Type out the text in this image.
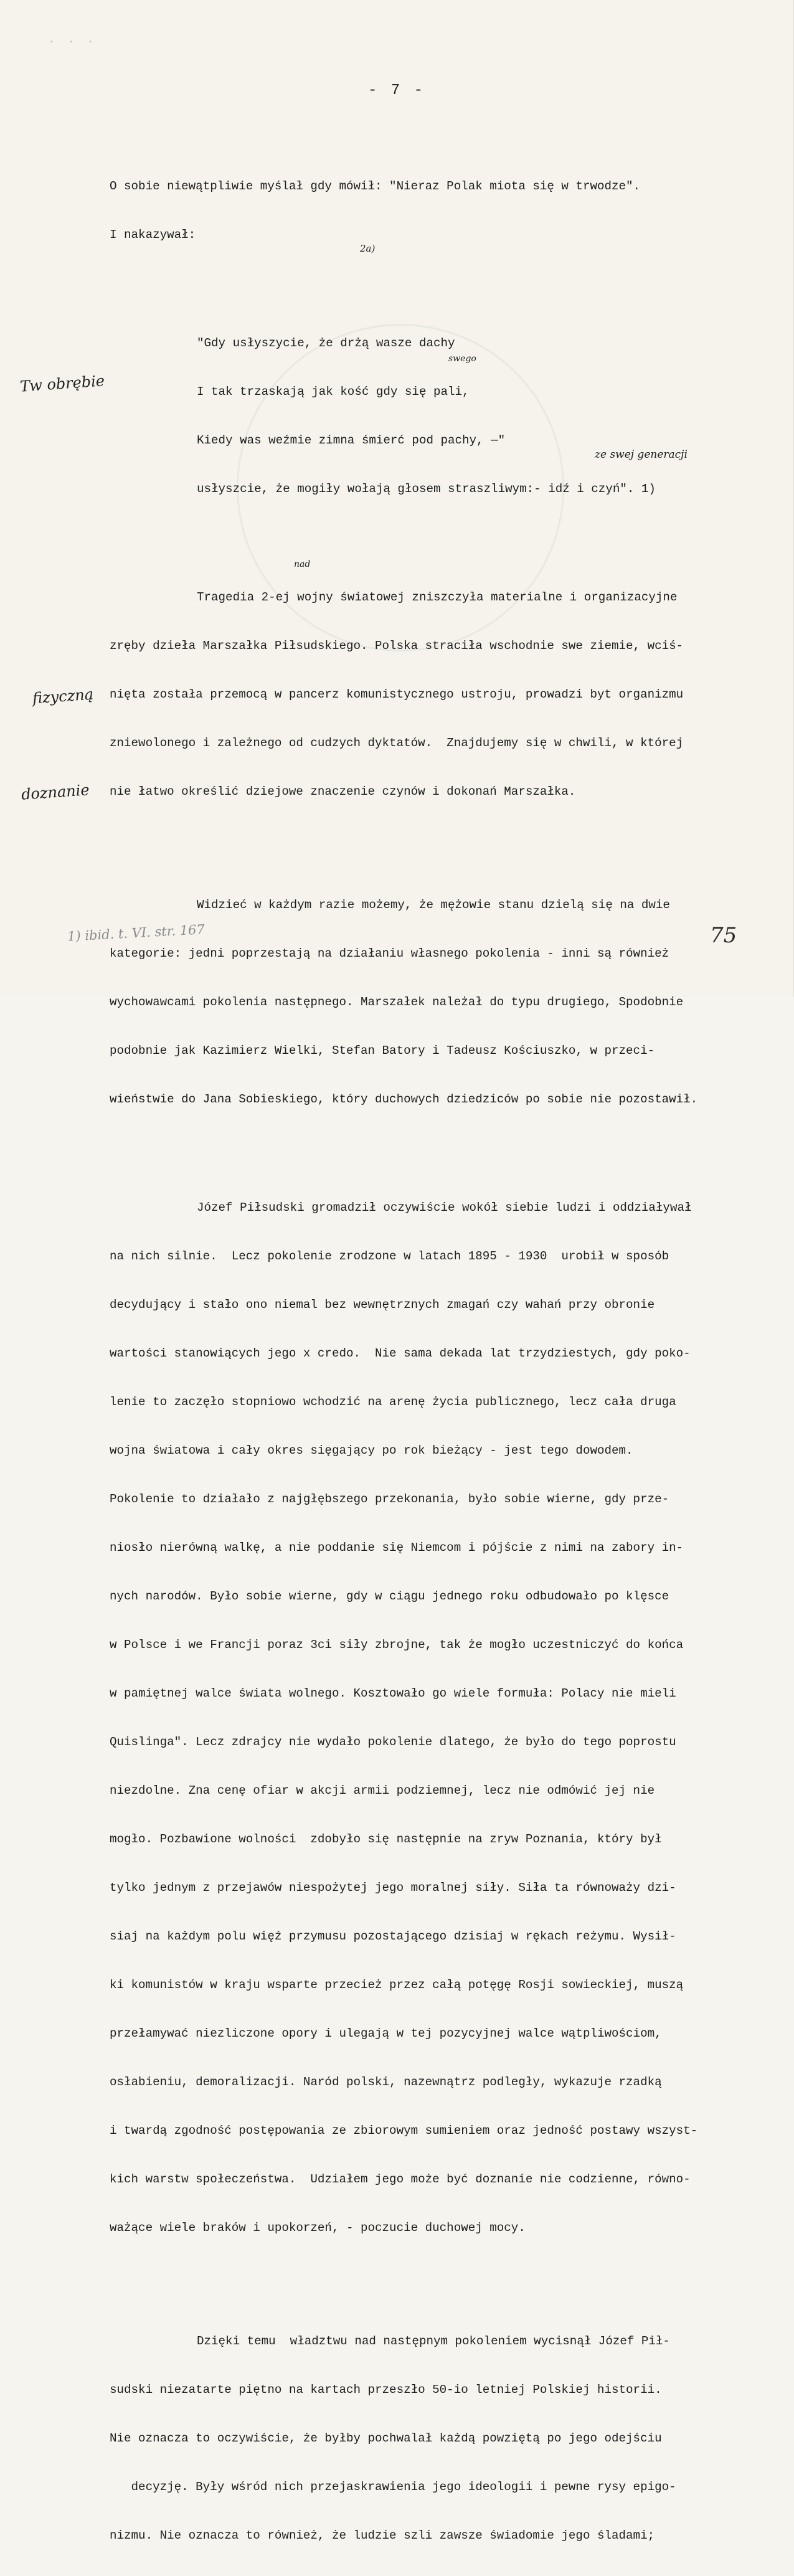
· · ·
- 7 -

O sobie niewątpliwie myślał gdy mówił: "Nieraz Polak miota się w trwodze".

I nakazywał:

"Gdy usłyszycie, że drżą wasze dachy

I tak trzaskają jak kość gdy się pali,

Kiedy was weźmie zimna śmierć pod pachy, —"

usłyszcie, że mogiły wołają głosem straszliwym:- idź i czyń". 1)

Tragedia 2-ej wojny światowej zniszczyła materialne i organizacyjne

zręby dzieła Marszałka Piłsudskiego. Polska straciła wschodnie swe ziemie, wciś-

nięta została przemocą w pancerz komunistycznego ustroju, prowadzi byt organizmu

zniewolonego i zależnego od cudzych dyktatów.  Znajdujemy się w chwili, w której

nie łatwo określić dziejowe znaczenie czynów i dokonań Marszałka.

Widzieć w każdym razie możemy, że mężowie stanu dzielą się na dwie

kategorie: jedni poprzestają na działaniu własnego pokolenia - inni są również

wychowawcami pokolenia następnego. Marszałek należał do typu drugiego, Spodobnie

podobnie jak Kazimierz Wielki, Stefan Batory i Tadeusz Kościuszko, w przeci-

wieństwie do Jana Sobieskiego, który duchowych dziedziców po sobie nie pozostawił.

Józef Piłsudski gromadził oczywiście wokół siebie ludzi i oddziaływał

na nich silnie.  Lecz pokolenie zrodzone w latach 1895 - 1930  urobił w sposób

decydujący i stało ono niemal bez wewnętrznych zmagań czy wahań przy obronie

wartości stanowiących jego x credo.  Nie sama dekada lat trzydziestych, gdy poko-

lenie to zaczęło stopniowo wchodzić na arenę życia publicznego, lecz cała druga

wojna światowa i cały okres sięgający po rok bieżący - jest tego dowodem.

Pokolenie to działało z najgłębszego przekonania, było sobie wierne, gdy prze-

niosło nierówną walkę, a nie poddanie się Niemcom i pójście z nimi na zabory in-

nych narodów. Było sobie wierne, gdy w ciągu jednego roku odbudowało po klęsce

w Polsce i we Francji poraz 3ci siły zbrojne, tak że mogło uczestniczyć do końca

w pamiętnej walce świata wolnego. Kosztowało go wiele formuła: Polacy nie mieli

Quislinga". Lecz zdrajcy nie wydało pokolenie dlatego, że było do tego poprostu

niezdolne. Zna cenę ofiar w akcji armii podziemnej, lecz nie odmówić jej nie

mogło. Pozbawione wolności  zdobyło się następnie na zryw Poznania, który był

tylko jednym z przejawów niespożytej jego moralnej siły. Siła ta równoważy dzi-

siaj na każdym polu więź przymusu pozostającego dzisiaj w rękach reżymu. Wysił-

ki komunistów w kraju wsparte przecież przez całą potęgę Rosji sowieckiej, muszą

przełamywać niezliczone opory i ulegają w tej pozycyjnej walce wątpliwościom,

osłabieniu, demoralizacji. Naród polski, nazewnątrz podległy, wykazuje rzadką

i twardą zgodność postępowania ze zbiorowym sumieniem oraz jedność postawy wszyst-

kich warstw społeczeństwa.  Udziałem jego może być doznanie nie codzienne, równo-

ważące wiele braków i upokorzeń, - poczucie duchowej mocy.

Dzięki temu  władztwu nad następnym pokoleniem wycisnął Józef Pił-

sudski niezatarte piętno na kartach przeszło 50-io letniej Polskiej historii.

Nie oznacza to oczywiście, że byłby pochwalał każdą powziętą po jego odejściu

decyzję. Były wśród nich przejaskrawienia jego ideologii i pewne rysy epigo-

nizmu. Nie oznacza to również, że ludzie szli zawsze świadomie jego śladami;

2a)
swego
ze swej generacji
nad
Tw obrębie
fizyczną
doznanie
1) ibid. t. VI. str. 167	75
